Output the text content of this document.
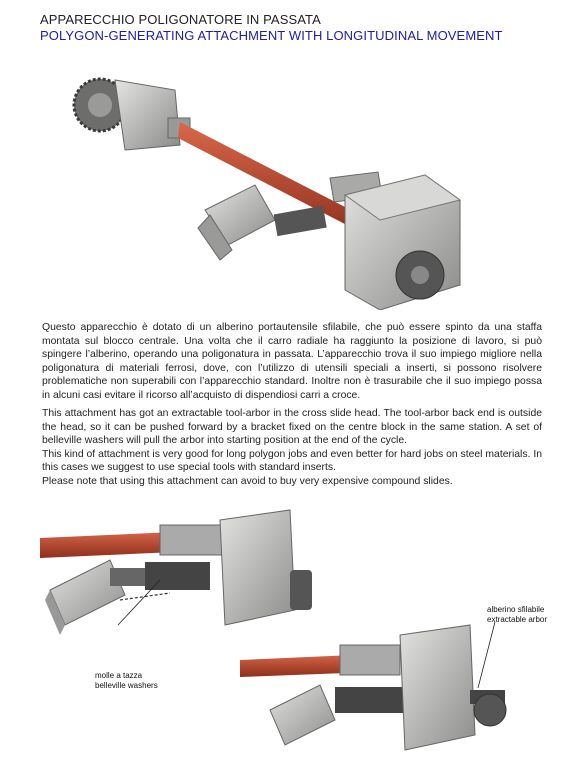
APPARECCHIO POLIGONATORE IN PASSATA
POLYGON-GENERATING ATTACHMENT WITH LONGITUDINAL MOVEMENT
Questo apparecchio è dotato di un alberino portautensile sfilabile, che può essere spinto da una staffa montata sul blocco centrale. Una volta che il carro radiale ha raggiunto la posizione di lavoro, si può spingere l’alberino, operando una poligonatura in passata. L’apparecchio trova il suo impiego migliore nella poligonatura di materiali ferrosi, dove, con l’utilizzo di utensili speciali a inserti, si possono risolvere problematiche non superabili con l’apparecchio standard. Inoltre non è trasurabile che il suo impiego possa in alcuni casi evitare il ricorso all’acquisto di dispendiosi carri a croce.

This attachment has got an extractable tool-arbor in the cross slide head. The tool-arbor back end is outside the head, so it can be pushed forward by a bracket fixed on the centre block in the same station. A set of belleville washers will pull the arbor into starting position at the end of the cycle.

This kind of attachment is very good for long polygon jobs and even better for hard jobs on steel materials. In this cases we suggest to use special tools with standard inserts.

Please note that using this attachment can avoid to buy very expensive compound slides.

molle a tazza
belleville washers
alberino sfilabile
extractable arbor
